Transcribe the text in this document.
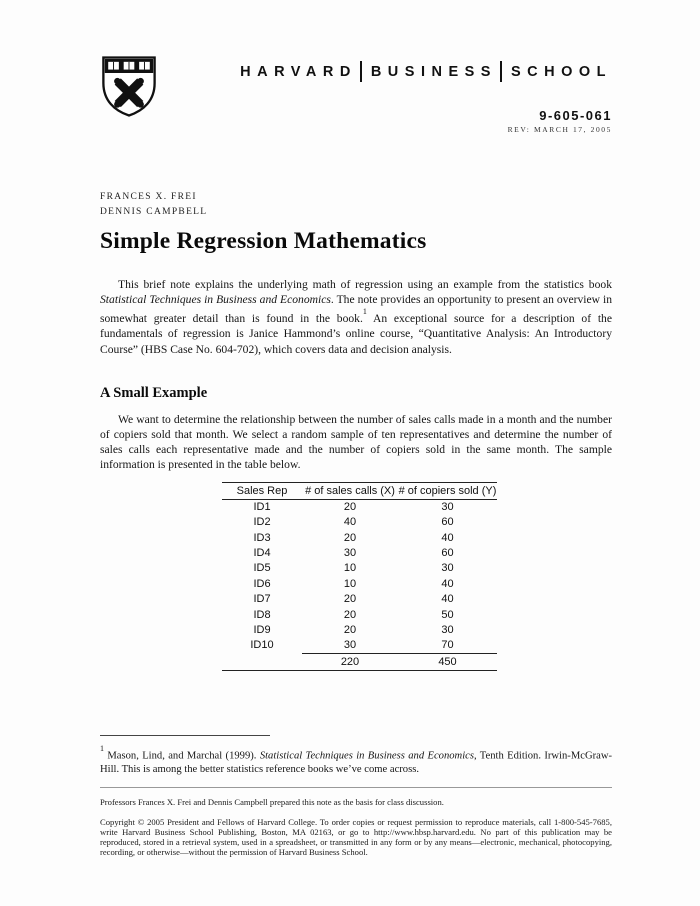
HARVARD BUSINESS SCHOOL
9-605-061
REV: MARCH 17, 2005
FRANCES X. FREI
DENNIS CAMPBELL
Simple Regression Mathematics

This brief note explains the underlying math of regression using an example from the statistics book Statistical Techniques in Business and Economics. The note provides an opportunity to present an overview in somewhat greater detail than is found in the book.$^1$ An exceptional source for a description of the fundamentals of regression is Janice Hammond’s online course, “Quantitative Analysis: An Introductory Course” (HBS Case No. 604-702), which covers data and decision analysis.

A Small Example

We want to determine the relationship between the number of sales calls made in a month and the number of copiers sold that month. We select a random sample of ten representatives and determine the number of sales calls each representative made and the number of copiers sold in the same month. The sample information is presented in the table below.

Sales Rep	# of sales calls (X)	# of copiers sold (Y)
ID1	20	30
ID2	40	60
ID3	20	40
ID4	30	60
ID5	10	30
ID6	10	40
ID7	20	40
ID8	20	50
ID9	20	30
ID10	30	70
	220	450

$^1$ Mason, Lind, and Marchal (1999). Statistical Techniques in Business and Economics, Tenth Edition. Irwin-McGraw-Hill. This is among the better statistics reference books we’ve come across.

Professors Frances X. Frei and Dennis Campbell prepared this note as the basis for class discussion.

Copyright © 2005 President and Fellows of Harvard College. To order copies or request permission to reproduce materials, call 1-800-545-7685, write Harvard Business School Publishing, Boston, MA 02163, or go to http://www.hbsp.harvard.edu. No part of this publication may be reproduced, stored in a retrieval system, used in a spreadsheet, or transmitted in any form or by any means—electronic, mechanical, photocopying, recording, or otherwise—without the permission of Harvard Business School.
